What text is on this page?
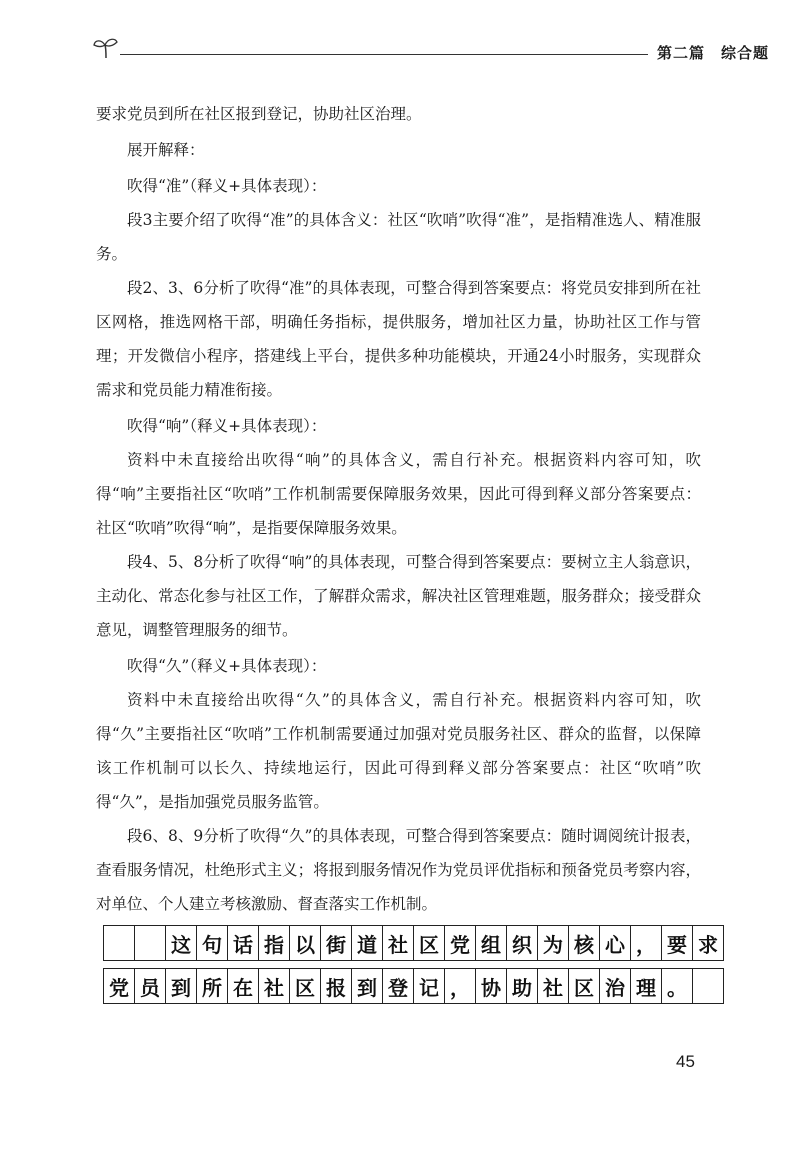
第二篇　综合题

要求党员到所在社区报到登记，协助社区治理。

展开解释：

吹得“准”（释义+具体表现）：

段3主要介绍了吹得“准”的具体含义：社区“吹哨”吹得“准”，是指精准选人、精准服务。

段2、3、6分析了吹得“准”的具体表现，可整合得到答案要点：将党员安排到所在社区网格，推选网格干部，明确任务指标，提供服务，增加社区力量，协助社区工作与管理；开发微信小程序，搭建线上平台，提供多种功能模块，开通24小时服务，实现群众需求和党员能力精准衔接。

吹得“响”（释义+具体表现）：

资料中未直接给出吹得“响”的具体含义，需自行补充。根据资料内容可知，吹得“响”主要指社区“吹哨”工作机制需要保障服务效果，因此可得到释义部分答案要点：社区“吹哨”吹得“响”，是指要保障服务效果。

段4、5、8分析了吹得“响”的具体表现，可整合得到答案要点：要树立主人翁意识，主动化、常态化参与社区工作，了解群众需求，解决社区管理难题，服务群众；接受群众意见，调整管理服务的细节。

吹得“久”（释义+具体表现）：

资料中未直接给出吹得“久”的具体含义，需自行补充。根据资料内容可知，吹得“久”主要指社区“吹哨”工作机制需要通过加强对党员服务社区、群众的监督，以保障该工作机制可以长久、持续地运行，因此可得到释义部分答案要点：社区“吹哨”吹得“久”，是指加强党员服务监管。

段6、8、9分析了吹得“久”的具体表现，可整合得到答案要点：随时调阅统计报表，查看服务情况，杜绝形式主义；将报到服务情况作为党员评优指标和预备党员考察内容，对单位、个人建立考核激励、督查落实工作机制。

		这	句	话	指	以	街	道	社	区	党	组	织	为	核	心	，	要	求
党	员	到	所	在	社	区	报	到	登	记	，	协	助	社	区	治	理	。	
45
